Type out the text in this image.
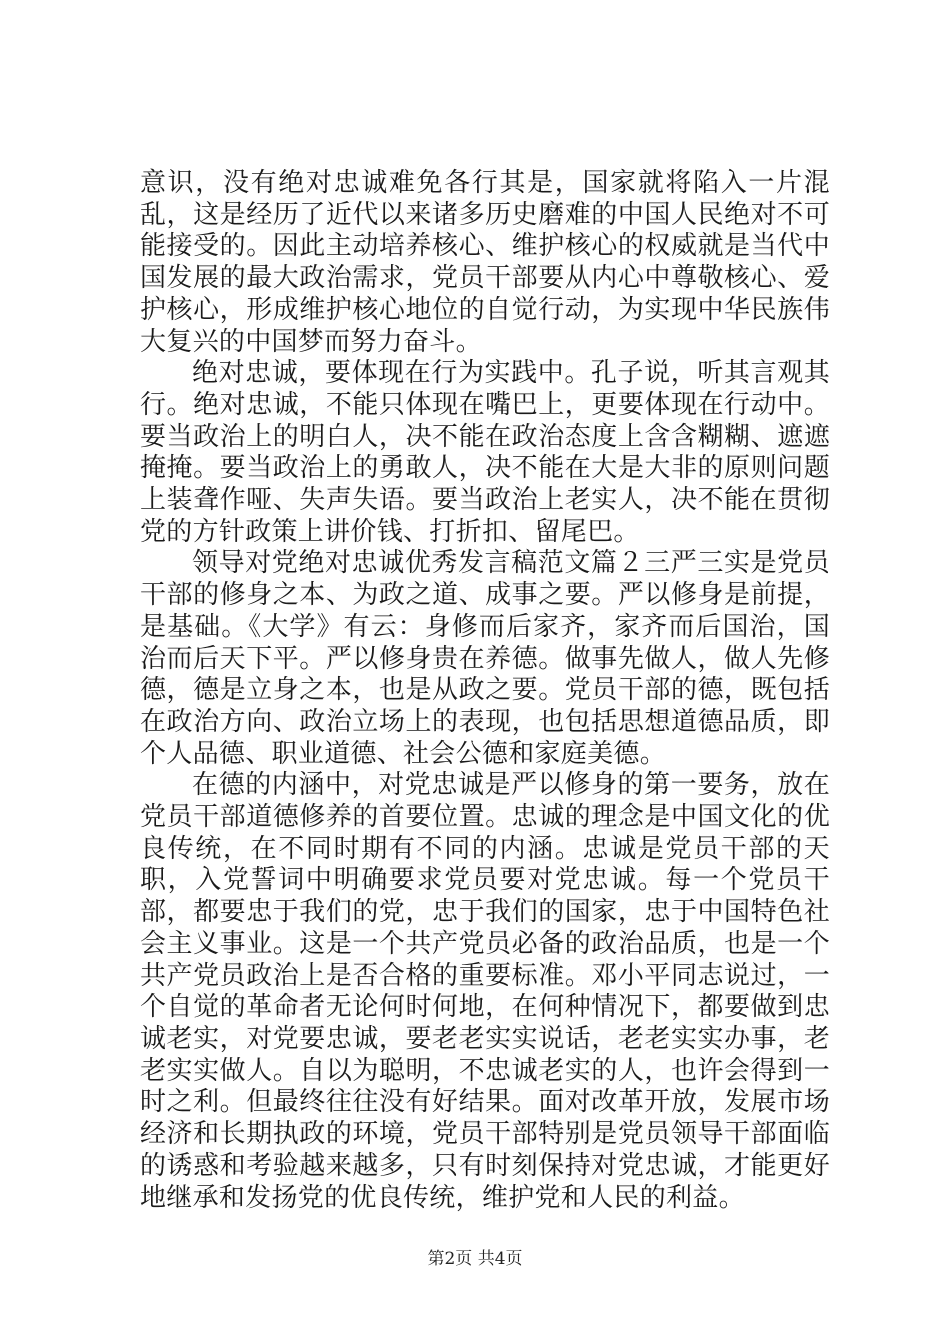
意识，没有绝对忠诚难免各行其是，国家就将陷入一片混乱，这是经历了近代以来诸多历史磨难的中国人民绝对不可能接受的。因此主动培养核心、维护核心的权威就是当代中国发展的最大政治需求，党员干部要从内心中尊敬核心、爱护核心，形成维护核心地位的自觉行动，为实现中华民族伟大复兴的中国梦而努力奋斗。

绝对忠诚，要体现在行为实践中。孔子说，听其言观其行。绝对忠诚，不能只体现在嘴巴上，更要体现在行动中。要当政治上的明白人，决不能在政治态度上含含糊糊、遮遮掩掩。要当政治上的勇敢人，决不能在大是大非的原则问题上装聋作哑、失声失语。要当政治上老实人，决不能在贯彻党的方针政策上讲价钱、打折扣、留尾巴。

领导对党绝对忠诚优秀发言稿范文篇２三严三实是党员干部的修身之本、为政之道、成事之要。严以修身是前提，是基础。《大学》有云：身修而后家齐，家齐而后国治，国治而后天下平。严以修身贵在养德。做事先做人，做人先修德，德是立身之本，也是从政之要。党员干部的德，既包括在政治方向、政治立场上的表现，也包括思想道德品质，即个人品德、职业道德、社会公德和家庭美德。

在德的内涵中，对党忠诚是严以修身的第一要务，放在党员干部道德修养的首要位置。忠诚的理念是中国文化的优良传统，在不同时期有不同的内涵。忠诚是党员干部的天职，入党誓词中明确要求党员要对党忠诚。每一个党员干部，都要忠于我们的党，忠于我们的国家，忠于中国特色社会主义事业。这是一个共产党员必备的政治品质，也是一个共产党员政治上是否合格的重要标准。邓小平同志说过，一个自觉的革命者无论何时何地，在何种情况下，都要做到忠诚老实，对党要忠诚，要老老实实说话，老老实实办事，老老实实做人。自以为聪明，不忠诚老实的人，也许会得到一时之利。但最终往往没有好结果。面对改革开放，发展市场经济和长期执政的环境，党员干部特别是党员领导干部面临的诱惑和考验越来越多，只有时刻保持对党忠诚，才能更好地继承和发扬党的优良传统，维护党和人民的利益。

第2页 共4页
